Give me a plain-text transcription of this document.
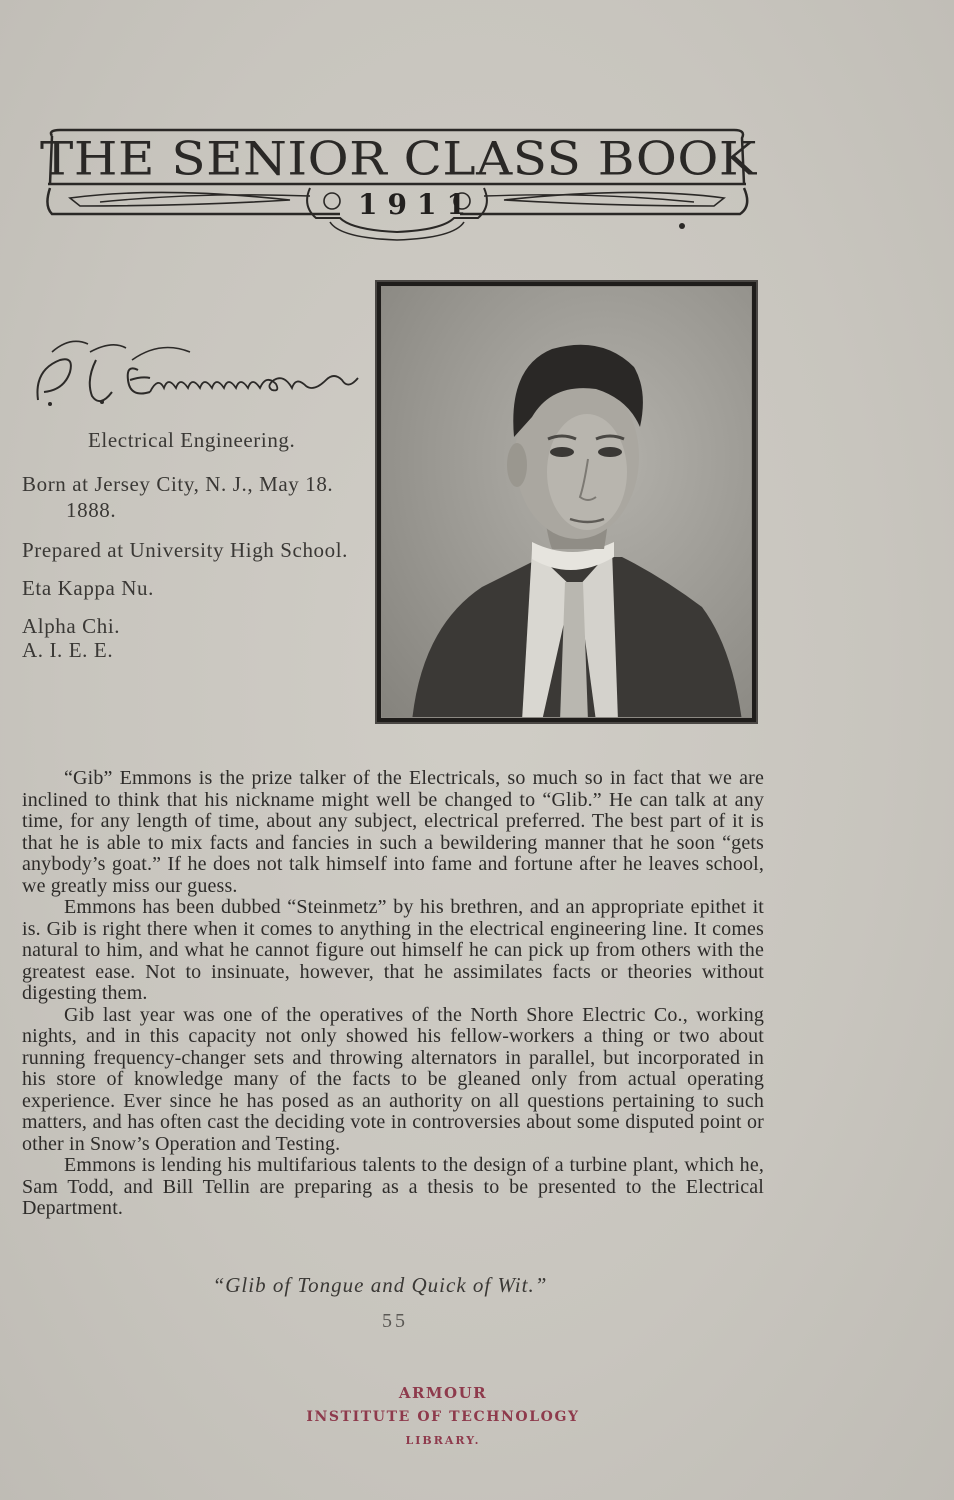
THE SENIOR CLASS BOOK
1911
Electrical Engineering.
Born at Jersey City, N. J., May 18.
1888.
Prepared at University High School.
Eta Kappa Nu.
Alpha Chi.
A. I. E. E.

“Gib” Emmons is the prize talker of the Electricals, so much so in fact that we are inclined to think that his nickname might well be changed to “Glib.” He can talk at any time, for any length of time, about any subject, electrical preferred. The best part of it is that he is able to mix facts and fancies in such a bewildering manner that he soon “gets anybody’s goat.” If he does not talk himself into fame and fortune after he leaves school, we greatly miss our guess.

Emmons has been dubbed “Steinmetz” by his brethren, and an appropriate epithet it is. Gib is right there when it comes to anything in the electrical engineering line. It comes natural to him, and what he cannot figure out himself he can pick up from others with the greatest ease. Not to insinuate, however, that he assimilates facts or theories without digesting them.

Gib last year was one of the operatives of the North Shore Electric Co., working nights, and in this capacity not only showed his fellow-workers a thing or two about running frequency-changer sets and throwing alternators in parallel, but incorporated in his store of knowledge many of the facts to be gleaned only from actual operating experience. Ever since he has posed as an authority on all questions pertaining to such matters, and has often cast the deciding vote in controversies about some disputed point or other in Snow’s Operation and Testing.

Emmons is lending his multifarious talents to the design of a turbine plant, which he, Sam Todd, and Bill Tellin are preparing as a thesis to be presented to the Electrical Department.

“Glib of Tongue and Quick of Wit.”
55
ARMOUR
INSTITUTE OF TECHNOLOGY
LIBRARY.
